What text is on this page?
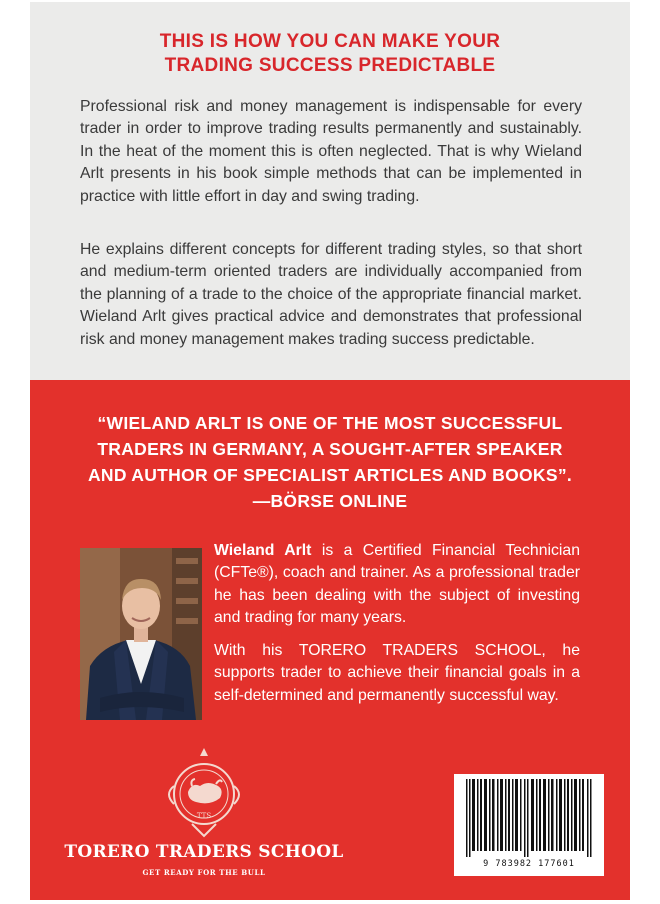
THIS IS HOW YOU CAN MAKE YOUR
TRADING SUCCESS PREDICTABLE

Professional risk and money management is indispensable for every trader in order to improve trading results permanently and sustainably. In the heat of the moment this is often neglected. That is why Wieland Arlt presents in his book simple methods that can be implemented in practice with little effort in day and swing trading.

He explains different concepts for different trading styles, so that short and medium-term oriented traders are individually accompanied from the planning of a trade to the choice of the appropriate financial market. Wieland Arlt gives practical advice and demonstrates that professional risk and money management makes trading success predictable.

“WIELAND ARLT IS ONE OF THE MOST SUCCESSFUL
TRADERS IN GERMANY, A SOUGHT-AFTER SPEAKER
AND AUTHOR OF SPECIALIST ARTICLES AND BOOKS”.
—BÖRSE ONLINE

Wieland Arlt is a Certified Financial Technician (CFTe®), coach and trainer. As a professional trader he has been dealing with the subject of investing and trading for many years.

With his TORERO TRADERS SCHOOL, he supports trader to achieve their financial goals in a self-determined and permanently successful way.

TTS
TORERO TRADERS SCHOOL
GET READY FOR THE BULL
9 783982 177601
